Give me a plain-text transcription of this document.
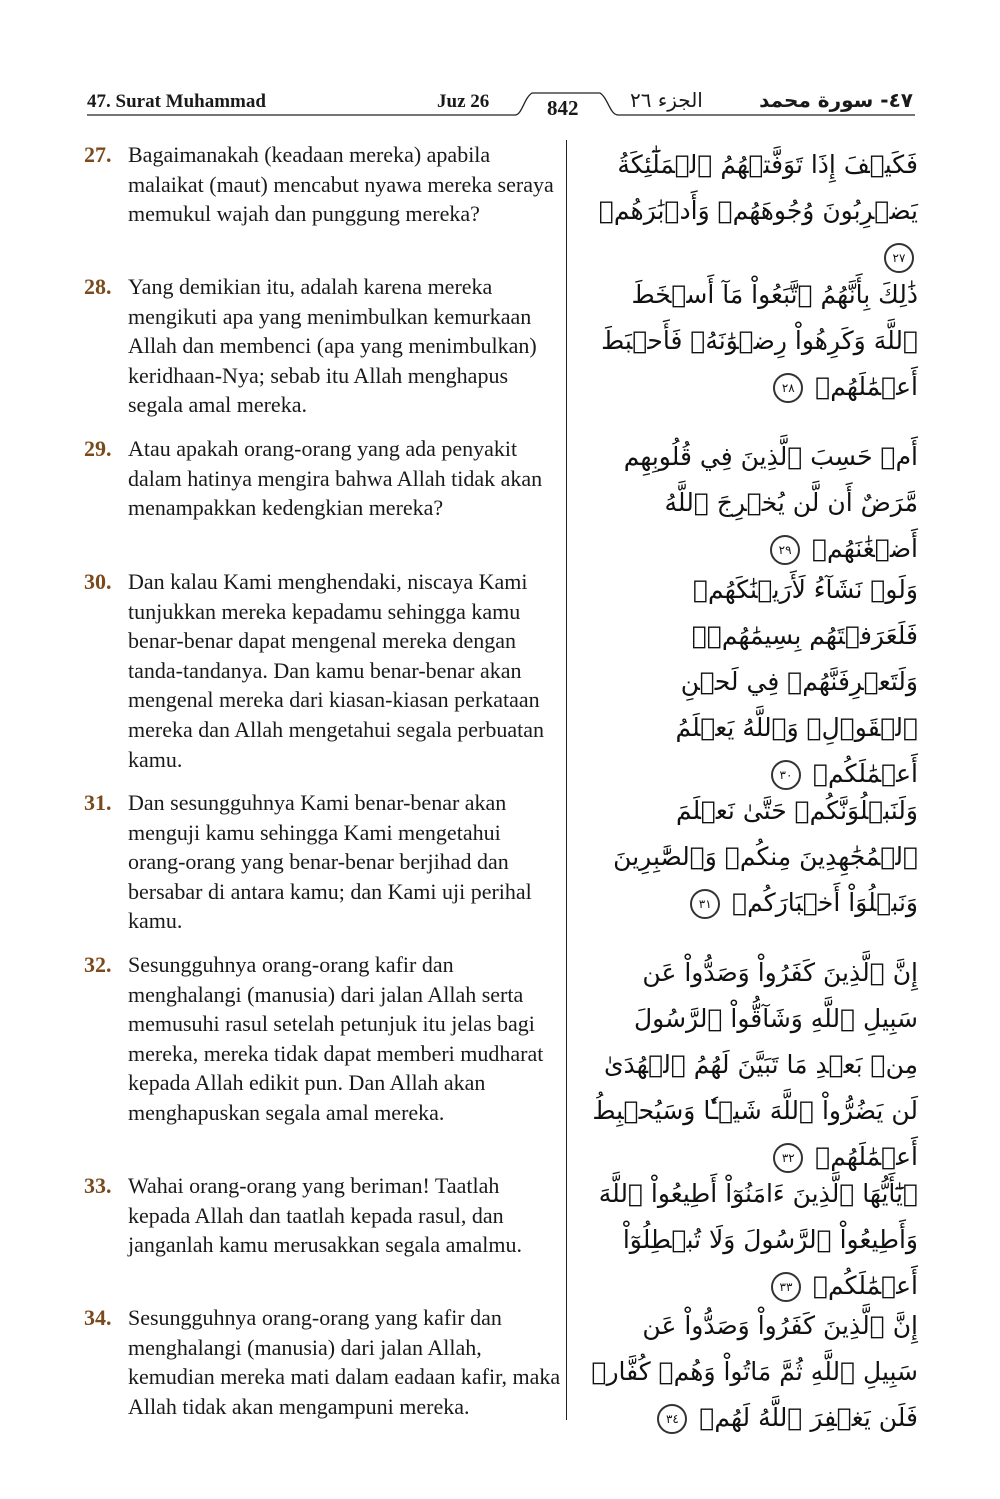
47. Surat Muhammad	Juz 26	842	الجزء ٢٦	٤٧- سورة محمد
27. Bagaimanakah (keadaan mereka) apabila malaikat (maut) mencabut nyawa mereka seraya memukul wajah dan punggung mereka?
فَكَيۡفَ إِذَا تَوَفَّتۡهُمُ ٱلۡمَلَٰٓئِكَةُ يَضۡرِبُونَ وُجُوهَهُمۡ وَأَدۡبَٰرَهُمۡ ٢٧
28. Yang demikian itu, adalah karena mereka mengikuti apa yang menimbulkan kemurkaan Allah dan membenci (apa yang menimbulkan) keridhaan-Nya; sebab itu Allah menghapus segala amal mereka.
ذَٰلِكَ بِأَنَّهُمُ ٱتَّبَعُواْ مَآ أَسۡخَطَ ٱللَّهَ وَكَرِهُواْ رِضۡوَٰنَهُۥ فَأَحۡبَطَ أَعۡمَٰلَهُمۡ ٢٨
29. Atau apakah orang-orang yang ada penyakit dalam hatinya mengira bahwa Allah tidak akan menampakkan kedengkian mereka?
أَمۡ حَسِبَ ٱلَّذِينَ فِي قُلُوبِهِم مَّرَضٌ أَن لَّن يُخۡرِجَ ٱللَّهُ أَضۡغَٰنَهُمۡ ٢٩
30. Dan kalau Kami menghendaki, niscaya Kami tunjukkan mereka kepadamu sehingga kamu benar-benar dapat mengenal mereka dengan tanda-tandanya. Dan kamu benar-benar akan mengenal mereka dari kiasan-kiasan perkataan mereka dan Allah mengetahui segala perbuatan kamu.
وَلَوۡ نَشَآءُ لَأَرَيۡنَٰكَهُمۡ فَلَعَرَفۡتَهُم بِسِيمَٰهُمۡۚ وَلَتَعۡرِفَنَّهُمۡ فِي لَحۡنِ ٱلۡقَوۡلِۚ وَٱللَّهُ يَعۡلَمُ أَعۡمَٰلَكُمۡ ٣٠
31. Dan sesungguhnya Kami benar-benar akan menguji kamu sehingga Kami mengetahui orang-orang yang benar-benar berjihad dan bersabar di antara kamu; dan Kami uji perihal kamu.
وَلَنَبۡلُوَنَّكُمۡ حَتَّىٰ نَعۡلَمَ ٱلۡمُجَٰهِدِينَ مِنكُمۡ وَٱلصَّٰبِرِينَ وَنَبۡلُوَاْ أَخۡبَارَكُمۡ ٣١
32. Sesungguhnya orang-orang kafir dan menghalangi (manusia) dari jalan Allah serta memusuhi rasul setelah petunjuk itu jelas bagi mereka, mereka tidak dapat memberi mudharat kepada Allah edikit pun. Dan Allah akan menghapuskan segala amal mereka.
إِنَّ ٱلَّذِينَ كَفَرُواْ وَصَدُّواْ عَن سَبِيلِ ٱللَّهِ وَشَآقُّواْ ٱلرَّسُولَ مِنۢ بَعۡدِ مَا تَبَيَّنَ لَهُمُ ٱلۡهُدَىٰ لَن يَضُرُّواْ ٱللَّهَ شَيۡـٔٗا وَسَيُحۡبِطُ أَعۡمَٰلَهُمۡ ٣٢
33. Wahai orang-orang yang beriman! Taatlah kepada Allah dan taatlah kepada rasul, dan janganlah kamu merusakkan segala amalmu.
۞يَٰٓأَيُّهَا ٱلَّذِينَ ءَامَنُوٓاْ أَطِيعُواْ ٱللَّهَ وَأَطِيعُواْ ٱلرَّسُولَ وَلَا تُبۡطِلُوٓاْ أَعۡمَٰلَكُمۡ ٣٣
34. Sesungguhnya orang-orang yang kafir dan menghalangi (manusia) dari jalan Allah, kemudian mereka mati dalam eadaan kafir, maka Allah tidak akan mengampuni mereka.
إِنَّ ٱلَّذِينَ كَفَرُواْ وَصَدُّواْ عَن سَبِيلِ ٱللَّهِ ثُمَّ مَاتُواْ وَهُمۡ كُفَّارٞ فَلَن يَغۡفِرَ ٱللَّهُ لَهُمۡ ٣٤
